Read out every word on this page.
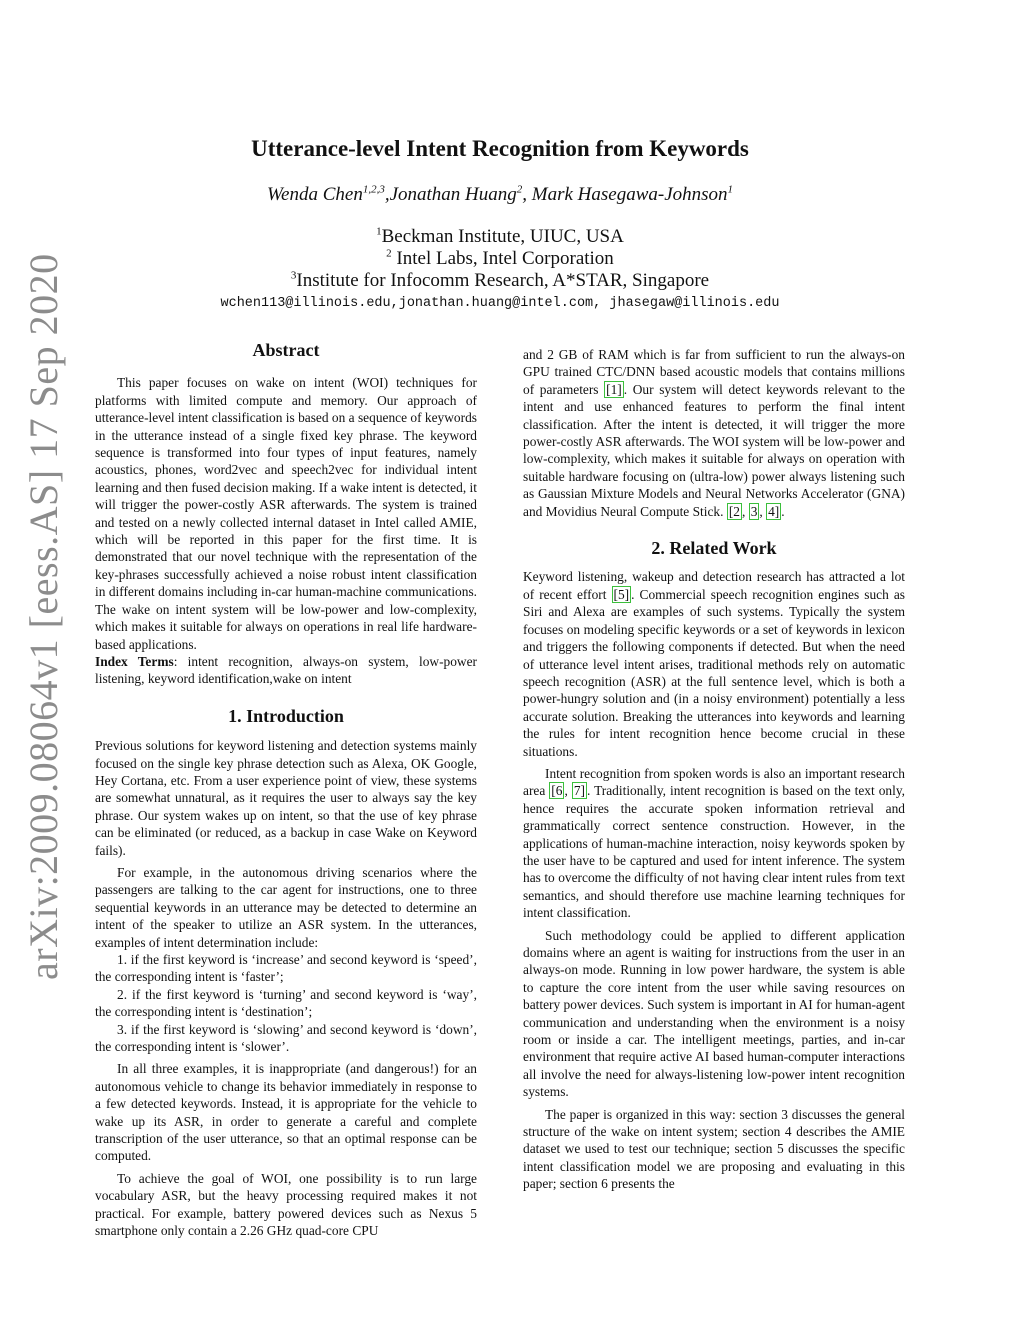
arXiv:2009.08064v1 [eess.AS] 17 Sep 2020
Utterance-level Intent Recognition from Keywords
Wenda Chen$^{1,2,3}$,Jonathan Huang$^2$, Mark Hasegawa-Johnson$^1$
$^1$Beckman Institute, UIUC, USA
$^2$ Intel Labs, Intel Corporation
$^3$Institute for Infocomm Research, A*STAR, Singapore
wchen113@illinois.edu,jonathan.huang@intel.com, jhasegaw@illinois.edu
Abstract

This paper focuses on wake on intent (WOI) techniques for platforms with limited compute and memory. Our approach of utterance-level intent classification is based on a sequence of keywords in the utterance instead of a single fixed key phrase. The keyword sequence is transformed into four types of input features, namely acoustics, phones, word2vec and speech2vec for individual intent learning and then fused decision making. If a wake intent is detected, it will trigger the power-costly ASR afterwards. The system is trained and tested on a newly collected internal dataset in Intel called AMIE, which will be reported in this paper for the first time. It is demonstrated that our novel technique with the representation of the key-phrases successfully achieved a noise robust intent classification in different domains including in-car human-machine communications. The wake on intent system will be low-power and low-complexity, which makes it suitable for always on operations in real life hardware-based applications.

Index Terms: intent recognition, always-on system, low-power listening, keyword identification,wake on intent

1. Introduction

Previous solutions for keyword listening and detection systems mainly focused on the single key phrase detection such as Alexa, OK Google, Hey Cortana, etc. From a user experience point of view, these systems are somewhat unnatural, as it requires the user to always say the key phrase. Our system wakes up on intent, so that the use of key phrase can be eliminated (or reduced, as a backup in case Wake on Keyword fails).

For example, in the autonomous driving scenarios where the passengers are talking to the car agent for instructions, one to three sequential keywords in an utterance may be detected to determine an intent of the speaker to utilize an ASR system. In the utterances, examples of intent determination include:

1. if the first keyword is ‘increase’ and second keyword is ‘speed’, the corresponding intent is ‘faster’;

2. if the first keyword is ‘turning’ and second keyword is ‘way’, the corresponding intent is ‘destination’;

3. if the first keyword is ‘slowing’ and second keyword is ‘down’, the corresponding intent is ‘slower’.

In all three examples, it is inappropriate (and dangerous!) for an autonomous vehicle to change its behavior immediately in response to a few detected keywords. Instead, it is appropriate for the vehicle to wake up its ASR, in order to generate a careful and complete transcription of the user utterance, so that an optimal response can be computed.

To achieve the goal of WOI, one possibility is to run large vocabulary ASR, but the heavy processing required makes it not practical. For example, battery powered devices such as Nexus 5 smartphone only contain a 2.26 GHz quad-core CPU

and 2 GB of RAM which is far from sufficient to run the always-on GPU trained CTC/DNN based acoustic models that contains millions of parameters [1] . Our system will detect keywords relevant to the intent and use enhanced features to perform the final intent classification. After the intent is detected, it will trigger the more power-costly ASR afterwards. The WOI system will be low-power and low-complexity, which makes it suitable for always on operation with suitable hardware focusing on (ultra-low) power always listening such as Gaussian Mixture Models and Neural Networks Accelerator (GNA) and Movidius Neural Compute Stick. [2 , 3 , 4] .

2. Related Work

Keyword listening, wakeup and detection research has attracted a lot of recent effort [5] . Commercial speech recognition engines such as Siri and Alexa are examples of such systems. Typically the system focuses on modeling specific keywords or a set of keywords in lexicon and triggers the following components if detected. But when the need of utterance level intent arises, traditional methods rely on automatic speech recognition (ASR) at the full sentence level, which is both a power-hungry solution and (in a noisy environment) potentially a less accurate solution. Breaking the utterances into keywords and learning the rules for intent recognition hence become crucial in these situations.

Intent recognition from spoken words is also an important research area [6 , 7] . Traditionally, intent recognition is based on the text only, hence requires the accurate spoken information retrieval and grammatically correct sentence construction. However, in the applications of human-machine interaction, noisy keywords spoken by the user have to be captured and used for intent inference. The system has to overcome the difficulty of not having clear intent rules from text semantics, and should therefore use machine learning techniques for intent classification.

Such methodology could be applied to different application domains where an agent is waiting for instructions from the user in an always-on mode. Running in low power hardware, the system is able to capture the core intent from the user while saving resources on battery power devices. Such system is important in AI for human-agent communication and understanding when the environment is a noisy room or inside a car. The intelligent meetings, parties, and in-car environment that require active AI based human-computer interactions all involve the need for always-listening low-power intent recognition systems.

The paper is organized in this way: section 3 discusses the general structure of the wake on intent system; section 4 describes the AMIE dataset we used to test our technique; section 5 discusses the specific intent classification model we are proposing and evaluating in this paper; section 6 presents the
